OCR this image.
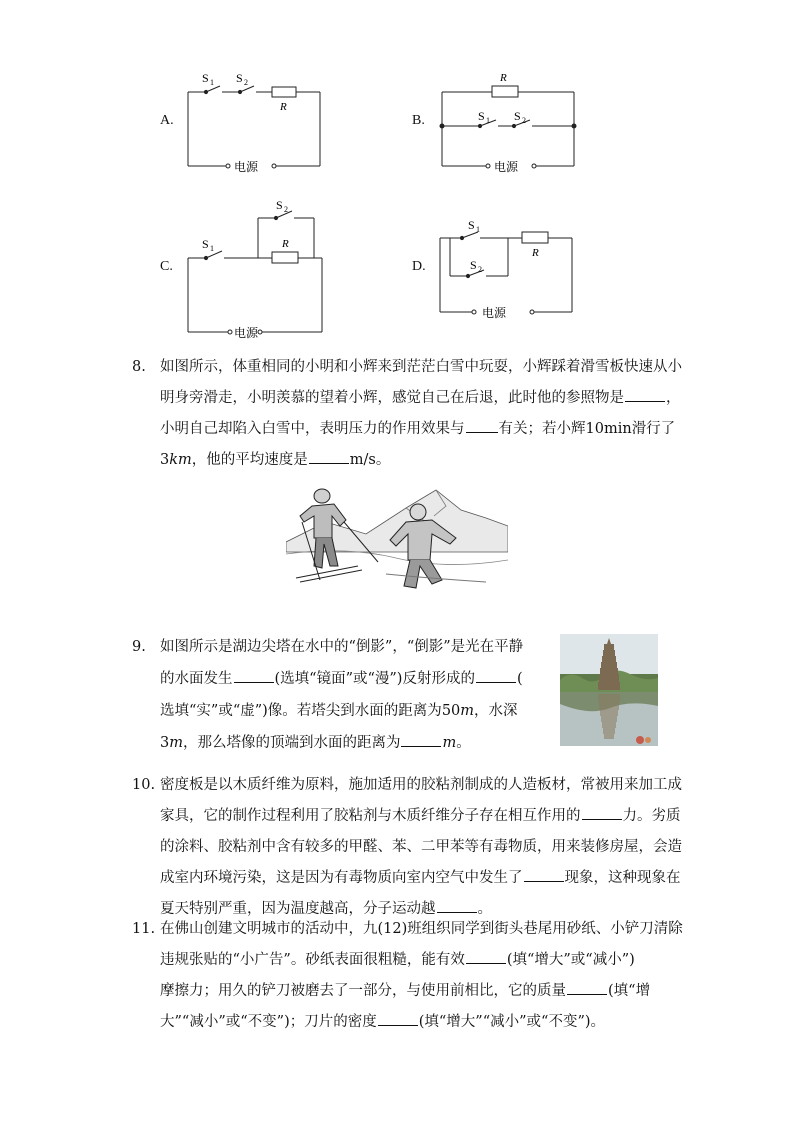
A.
S 1 S 2
R
电源
B.
R
S 1 S 2
电源
C.
S 2
S 1	R
电源
D.
S 1
S 2
R
电源
8. 如图所示，体重相同的小明和小辉来到茫茫白雪中玩耍，小辉踩着滑雪板快速从小
明身旁滑走，小明羡慕的望着小辉，感觉自己在后退，此时他的参照物是	，
小明自己却陷入白雪中，表明压力的作用效果与 有关；若小辉10min滑行了
3km，他的平均速度是	m/s。
9. 如图所示是湖边尖塔在水中的“倒影”，“倒影”是光在平静
的水面发生	(选填“镜面”或“漫”)反射形成的	(
选填“实”或“虚”)像。若塔尖到水面的距离为50m，水深
3m，那么塔像的顶端到水面的距离为	m。
10. 密度板是以木质纤维为原料，施加适用的胶粘剂制成的人造板材，常被用来加工成
家具，它的制作过程利用了胶粘剂与木质纤维分子存在相互作用的	力。劣质
的涂料、胶粘剂中含有较多的甲醛、苯、二甲苯等有毒物质，用来装修房屋，会造
成室内环境污染，这是因为有毒物质向室内空气中发生了	现象，这种现象在
夏天特别严重，因为温度越高，分子运动越	。
11. 在佛山创建文明城市的活动中，九(12)班组织同学到街头巷尾用砂纸、小铲刀清除
违规张贴的“小广告”。砂纸表面很粗糙，能有效	(填“增大”或“减小”)
摩擦力；用久的铲刀被磨去了一部分，与使用前相比，它的质量	(填“增
大”“减小”或“不变”)；刀片的密度	(填“增大”“减小”或“不变”)。
